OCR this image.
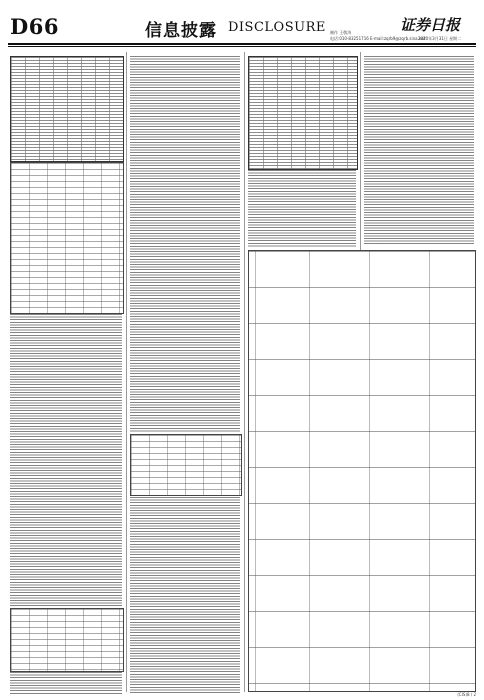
D66	信息披露 DISCLOSURE	证券日报
制作 王敬涛
电话:010-83251716 E-mail:zqrb9@zqrb.sina.net
2020年3月31日 星期二
(CIS)8 / 2
